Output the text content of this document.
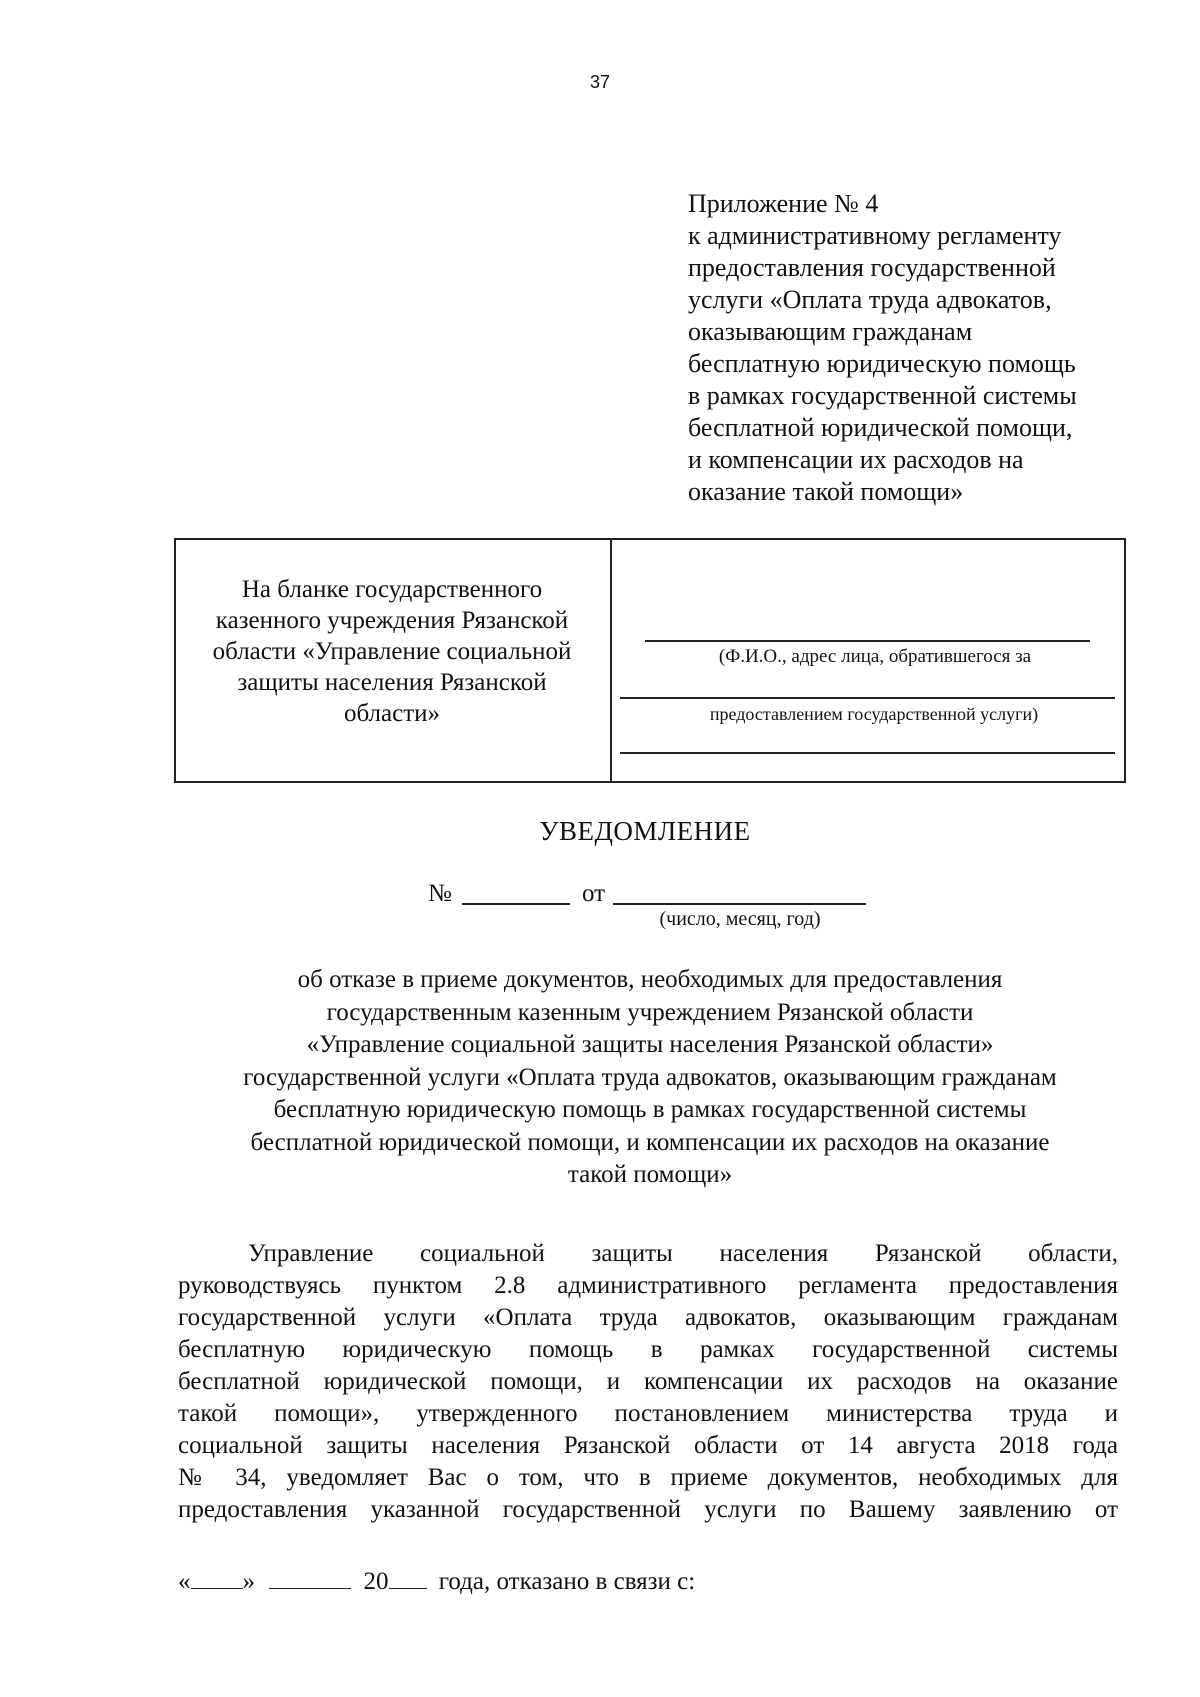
37
Приложение № 4
к административному регламенту
предоставления государственной
услуги «Оплата труда адвокатов,
оказывающим гражданам
бесплатную юридическую помощь
в рамках государственной системы
бесплатной юридической помощи,
и компенсации их расходов на
оказание такой помощи»
На бланке государственного
казенного учреждения Рязанской
области «Управление социальной
защиты населения Рязанской
области»
(Ф.И.О., адрес лица, обратившегося за
предоставлением государственной услуги)
УВЕДОМЛЕНИЕ
№	от
(число, месяц, год)
об отказе в приеме документов, необходимых для предоставления
государственным казенным учреждением Рязанской области
«Управление социальной защиты населения Рязанской области»
государственной услуги «Оплата труда адвокатов, оказывающим гражданам
бесплатную юридическую помощь в рамках государственной системы
бесплатной юридической помощи, и компенсации их расходов на оказание
такой помощи»
Управление социальной защиты населения Рязанской области,
руководствуясь пунктом 2.8 административного регламента предоставления
государственной услуги «Оплата труда адвокатов, оказывающим гражданам
бесплатную юридическую помощь в рамках государственной системы
бесплатной юридической помощи, и компенсации их расходов на оказание
такой помощи», утвержденного постановлением министерства труда и
социальной защиты населения Рязанской области от 14 августа 2018 года
№ 34, уведомляет Вас о том, что в приеме документов, необходимых для
предоставления указанной государственной услуги по Вашему заявлению от
« »	20 года, отказано в связи с:
